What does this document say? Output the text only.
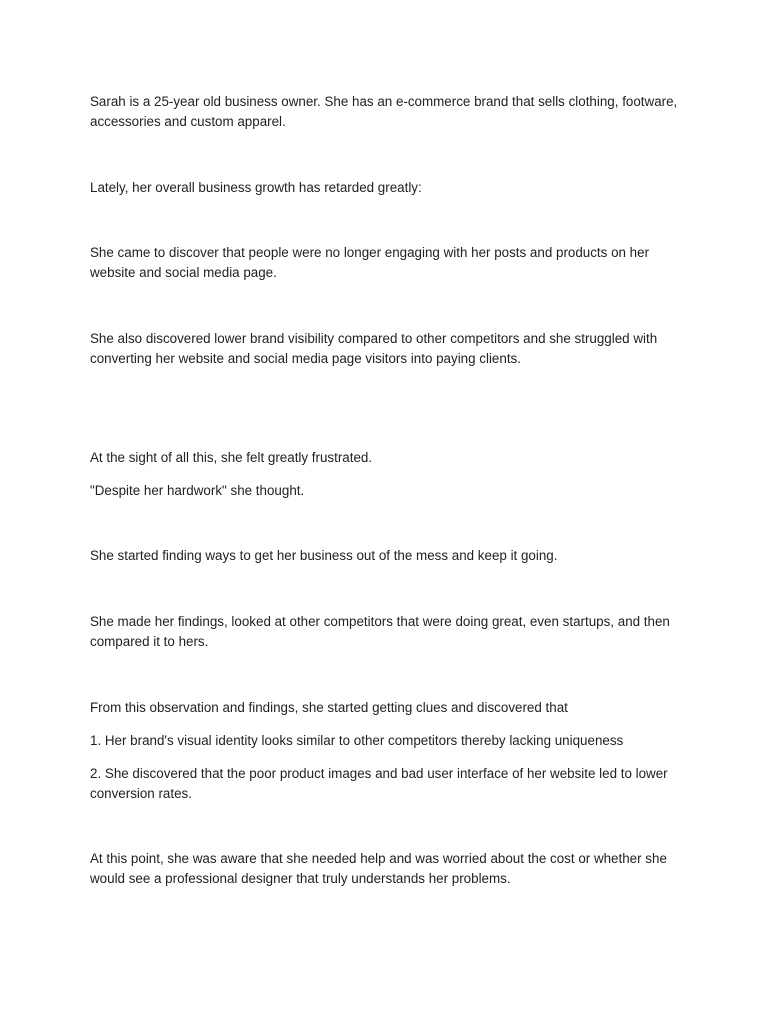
Sarah is a 25-year old business owner. She has an e-commerce brand that sells clothing, footware, accessories and custom apparel.

Lately, her overall business growth has retarded greatly:

She came to discover that people were no longer engaging with her posts and products on her website and social media page.

She also discovered lower brand visibility compared to other competitors and she struggled with converting her website and social media page visitors into paying clients.

At the sight of all this, she felt greatly frustrated.

"Despite her hardwork" she thought.

She started finding ways to get her business out of the mess and keep it going.

She made her findings, looked at other competitors that were doing great, even startups, and then compared it to hers.

From this observation and findings, she started getting clues and discovered that

1. Her brand's visual identity looks similar to other competitors thereby lacking uniqueness

2. She discovered that the poor product images and bad user interface of her website led to lower conversion rates.

At this point, she was aware that she needed help and was worried about the cost or whether she would see a professional designer that truly understands her problems.
